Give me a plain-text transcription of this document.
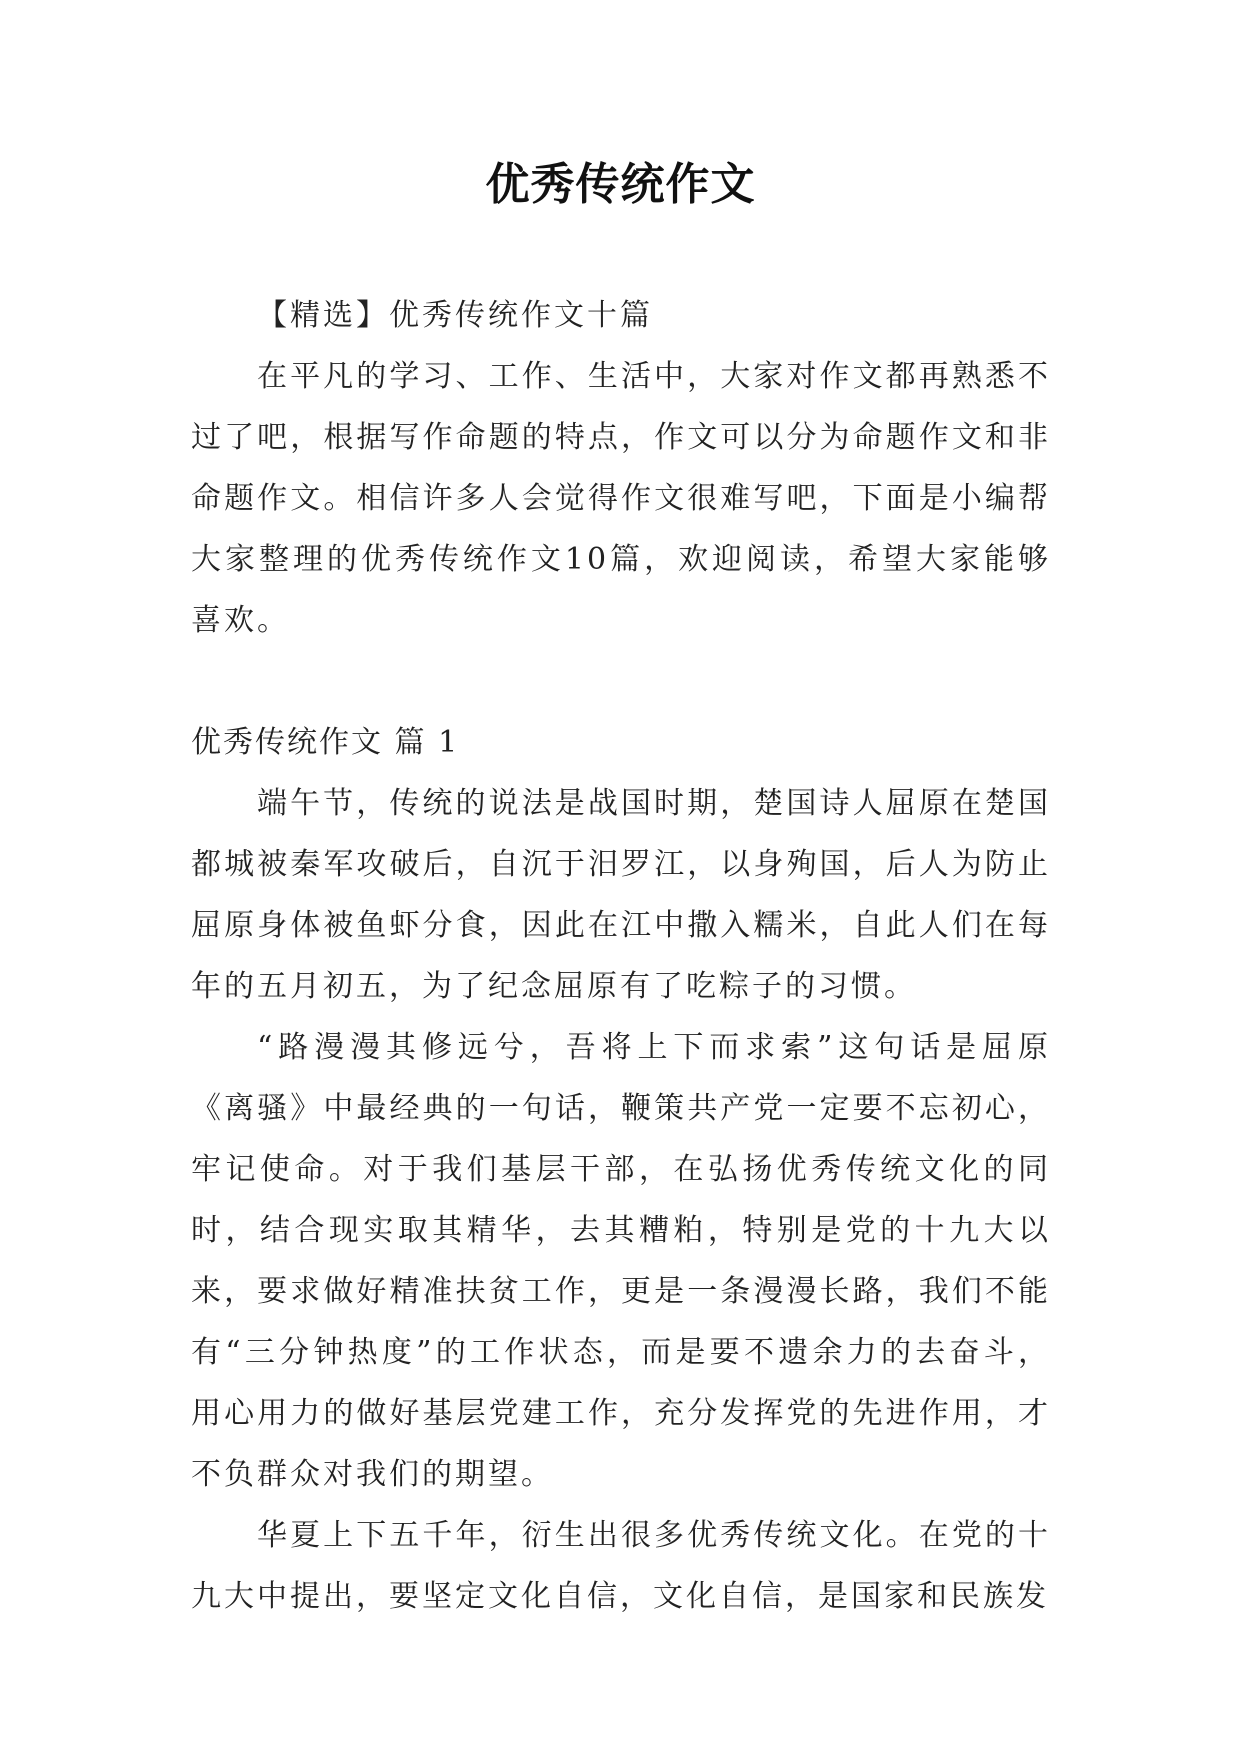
优秀传统作文

【精选】优秀传统作文十篇

在平凡的学习、工作、生活中，大家对作文都再熟悉不过了吧，根据写作命题的特点，作文可以分为命题作文和非命题作文。相信许多人会觉得作文很难写吧，下面是小编帮大家整理的优秀传统作文10篇，欢迎阅读，希望大家能够喜欢。

优秀传统作文 篇 1

端午节，传统的说法是战国时期，楚国诗人屈原在楚国都城被秦军攻破后，自沉于汨罗江，以身殉国，后人为防止屈原身体被鱼虾分食，因此在江中撒入糯米，自此人们在每年的五月初五，为了纪念屈原有了吃粽子的习惯。

“路漫漫其修远兮，吾将上下而求索”这句话是屈原《离骚》中最经典的一句话，鞭策共产党一定要不忘初心，牢记使命。对于我们基层干部，在弘扬优秀传统文化的同时，结合现实取其精华，去其糟粕，特别是党的十九大以来，要求做好精准扶贫工作，更是一条漫漫长路，我们不能有“三分钟热度”的工作状态，而是要不遗余力的去奋斗，用心用力的做好基层党建工作，充分发挥党的先进作用，才不负群众对我们的期望。

华夏上下五千年，衍生出很多优秀传统文化。在党的十九大中提出，要坚定文化自信，文化自信，是国家和民族发
